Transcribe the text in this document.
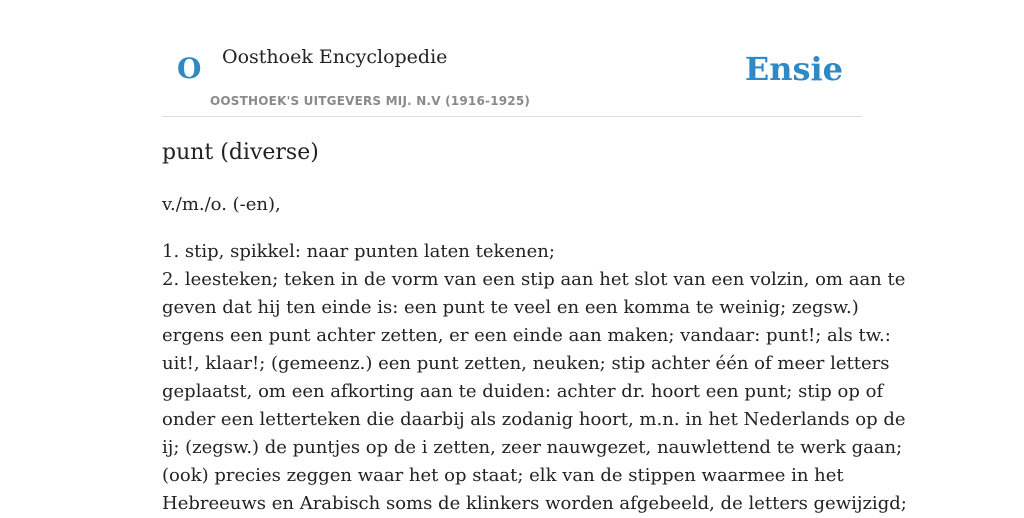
O Oosthoek Encyclopedie
OOSTHOEK'S UITGEVERS MIJ. N.V (1916-1925)
Ensie
punt (diverse)

v./m./o. (-en),

1. stip, spikkel: naar punten laten tekenen;
2. leesteken; teken in de vorm van een stip aan het slot van een volzin, om aan te
geven dat hij ten einde is: een punt te veel en een komma te weinig; zegsw.)
ergens een punt achter zetten, er een einde aan maken; vandaar: punt!; als tw.:
uit!, klaar!; (gemeenz.) een punt zetten, neuken; stip achter één of meer letters
geplaatst, om een afkorting aan te duiden: achter dr. hoort een punt; stip op of
onder een letterteken die daarbij als zodanig hoort, m.n. in het Nederlands op de
ij; (zegsw.) de puntjes op de i zetten, zeer nauwgezet, nauwlettend te werk gaan;
(ook) precies zeggen waar het op staat; elk van de stippen waarmee in het
Hebreeuws en Arabisch soms de klinkers worden afgebeeld, de letters gewijzigd;
